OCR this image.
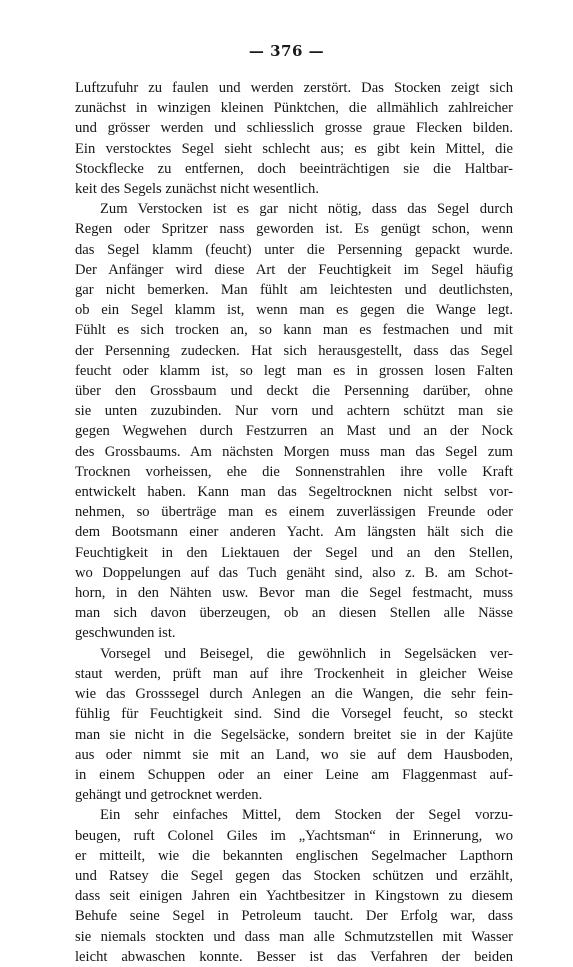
— 376 —
Luftzufuhr zu faulen und werden zerstört. Das Stocken zeigt sich
zunächst in winzigen kleinen Pünktchen, die allmählich zahlreicher
und grösser werden und schliesslich grosse graue Flecken bilden.
Ein verstocktes Segel sieht schlecht aus; es gibt kein Mittel, die
Stockflecke zu entfernen, doch beeinträchtigen sie die Haltbar-
keit des Segels zunächst nicht wesentlich.
Zum Verstocken ist es gar nicht nötig, dass das Segel durch
Regen oder Spritzer nass geworden ist. Es genügt schon, wenn
das Segel klamm (feucht) unter die Persenning gepackt wurde.
Der Anfänger wird diese Art der Feuchtigkeit im Segel häufig
gar nicht bemerken. Man fühlt am leichtesten und deutlichsten,
ob ein Segel klamm ist, wenn man es gegen die Wange legt.
Fühlt es sich trocken an, so kann man es festmachen und mit
der Persenning zudecken. Hat sich herausgestellt, dass das Segel
feucht oder klamm ist, so legt man es in grossen losen Falten
über den Grossbaum und deckt die Persenning darüber, ohne
sie unten zuzubinden. Nur vorn und achtern schützt man sie
gegen Wegwehen durch Festzurren an Mast und an der Nock
des Grossbaums. Am nächsten Morgen muss man das Segel zum
Trocknen vorheissen, ehe die Sonnenstrahlen ihre volle Kraft
entwickelt haben. Kann man das Segeltrocknen nicht selbst vor-
nehmen, so überträge man es einem zuverlässigen Freunde oder
dem Bootsmann einer anderen Yacht. Am längsten hält sich die
Feuchtigkeit in den Liektauen der Segel und an den Stellen,
wo Doppelungen auf das Tuch genäht sind, also z. B. am Schot-
horn, in den Nähten usw. Bevor man die Segel festmacht, muss
man sich davon überzeugen, ob an diesen Stellen alle Nässe
geschwunden ist.
Vorsegel und Beisegel, die gewöhnlich in Segelsäcken ver-
staut werden, prüft man auf ihre Trockenheit in gleicher Weise
wie das Grosssegel durch Anlegen an die Wangen, die sehr fein-
fühlig für Feuchtigkeit sind. Sind die Vorsegel feucht, so steckt
man sie nicht in die Segelsäcke, sondern breitet sie in der Kajüte
aus oder nimmt sie mit an Land, wo sie auf dem Hausboden,
in einem Schuppen oder an einer Leine am Flaggenmast auf-
gehängt und getrocknet werden.
Ein sehr einfaches Mittel, dem Stocken der Segel vorzu-
beugen, ruft Colonel Giles im „Yachtsman“ in Erinnerung, wo
er mitteilt, wie die bekannten englischen Segelmacher Lapthorn
und Ratsey die Segel gegen das Stocken schützen und erzählt,
dass seit einigen Jahren ein Yachtbesitzer in Kingstown zu diesem
Behufe seine Segel in Petroleum taucht. Der Erfolg war, dass
sie niemals stockten und dass man alle Schmutzstellen mit Wasser
leicht abwaschen konnte. Besser ist das Verfahren der beiden
